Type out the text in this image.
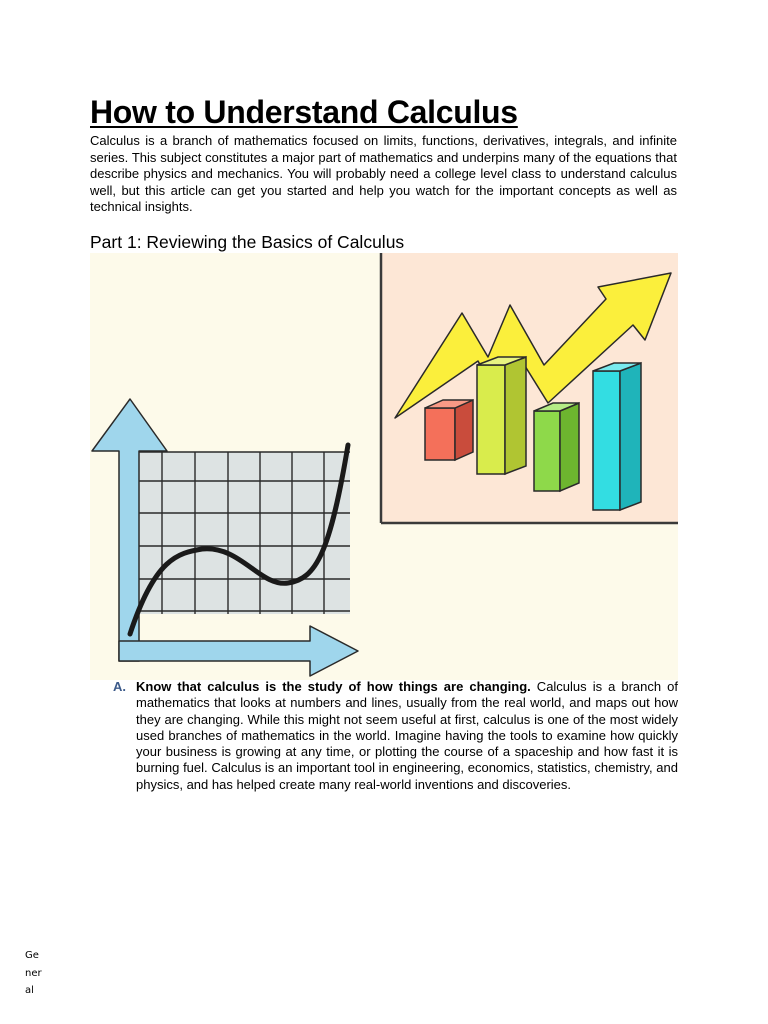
How to Understand Calculus

Calculus is a branch of mathematics focused on limits, functions, derivatives, integrals, and infinite series. This subject constitutes a major part of mathematics and underpins many of the equations that describe physics and mechanics. You will probably need a college level class to understand calculus well, but this article can get you started and help you watch for the important concepts as well as technical insights.

Part 1: Reviewing the Basics of Calculus
A. Know that calculus is the study of how things are changing. Calculus is a branch of mathematics that looks at numbers and lines, usually from the real world, and maps out how they are changing. While this might not seem useful at first, calculus is one of the most widely used branches of mathematics in the world. Imagine having the tools to examine how quickly your business is growing at any time, or plotting the course of a spaceship and how fast it is burning fuel. Calculus is an important tool in engineering, economics, statistics, chemistry, and physics, and has helped create many real-world inventions and discoveries.
General
